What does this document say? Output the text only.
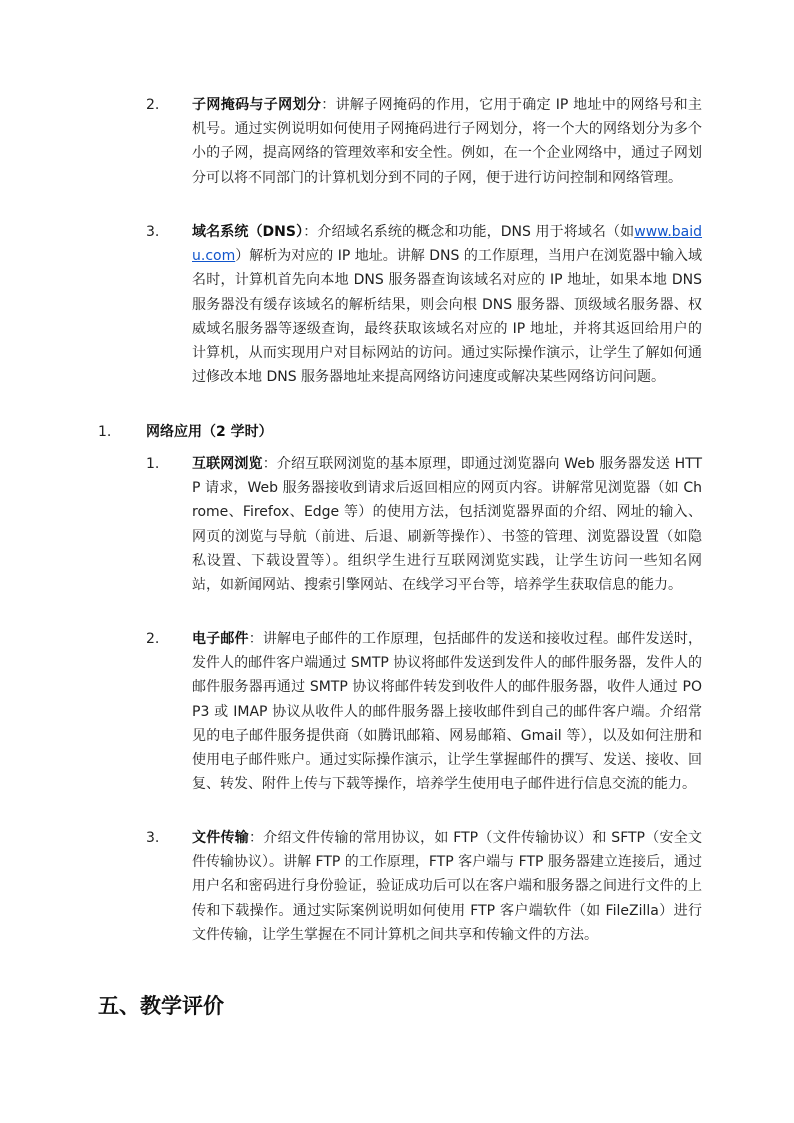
2. 子网掩码与子网划分：讲解子网掩码的作用，它用于确定 IP 地址中的网络号和主机号。通过实例说明如何使用子网掩码进行子网划分，将一个大的网络划分为多个小的子网，提高网络的管理效率和安全性。例如，在一个企业网络中，通过子网划分可以将不同部门的计算机划分到不同的子网，便于进行访问控制和网络管理。
3. 域名系统（DNS）：介绍域名系统的概念和功能，DNS 用于将域名（如www.baidu.com）解析为对应的 IP 地址。讲解 DNS 的工作原理，当用户在浏览器中输入域名时，计算机首先向本地 DNS 服务器查询该域名对应的 IP 地址，如果本地 DNS 服务器没有缓存该域名的解析结果，则会向根 DNS 服务器、顶级域名服务器、权威域名服务器等逐级查询，最终获取该域名对应的 IP 地址，并将其返回给用户的计算机，从而实现用户对目标网站的访问。通过实际操作演示，让学生了解如何通过修改本地 DNS 服务器地址来提高网络访问速度或解决某些网络访问问题。
1. 网络应用（2 学时）
1. 互联网浏览：介绍互联网浏览的基本原理，即通过浏览器向 Web 服务器发送 HTTP 请求，Web 服务器接收到请求后返回相应的网页内容。讲解常见浏览器（如 Chrome、Firefox、Edge 等）的使用方法，包括浏览器界面的介绍、网址的输入、网页的浏览与导航（前进、后退、刷新等操作）、书签的管理、浏览器设置（如隐私设置、下载设置等）。组织学生进行互联网浏览实践，让学生访问一些知名网站，如新闻网站、搜索引擎网站、在线学习平台等，培养学生获取信息的能力。
2. 电子邮件：讲解电子邮件的工作原理，包括邮件的发送和接收过程。邮件发送时，发件人的邮件客户端通过 SMTP 协议将邮件发送到发件人的邮件服务器，发件人的邮件服务器再通过 SMTP 协议将邮件转发到收件人的邮件服务器，收件人通过 POP3 或 IMAP 协议从收件人的邮件服务器上接收邮件到自己的邮件客户端。介绍常见的电子邮件服务提供商（如腾讯邮箱、网易邮箱、Gmail 等），以及如何注册和使用电子邮件账户。通过实际操作演示，让学生掌握邮件的撰写、发送、接收、回复、转发、附件上传与下载等操作，培养学生使用电子邮件进行信息交流的能力。
3. 文件传输：介绍文件传输的常用协议，如 FTP（文件传输协议）和 SFTP（安全文件传输协议）。讲解 FTP 的工作原理，FTP 客户端与 FTP 服务器建立连接后，通过用户名和密码进行身份验证，验证成功后可以在客户端和服务器之间进行文件的上传和下载操作。通过实际案例说明如何使用 FTP 客户端软件（如 FileZilla）进行文件传输，让学生掌握在不同计算机之间共享和传输文件的方法。
五、教学评价
